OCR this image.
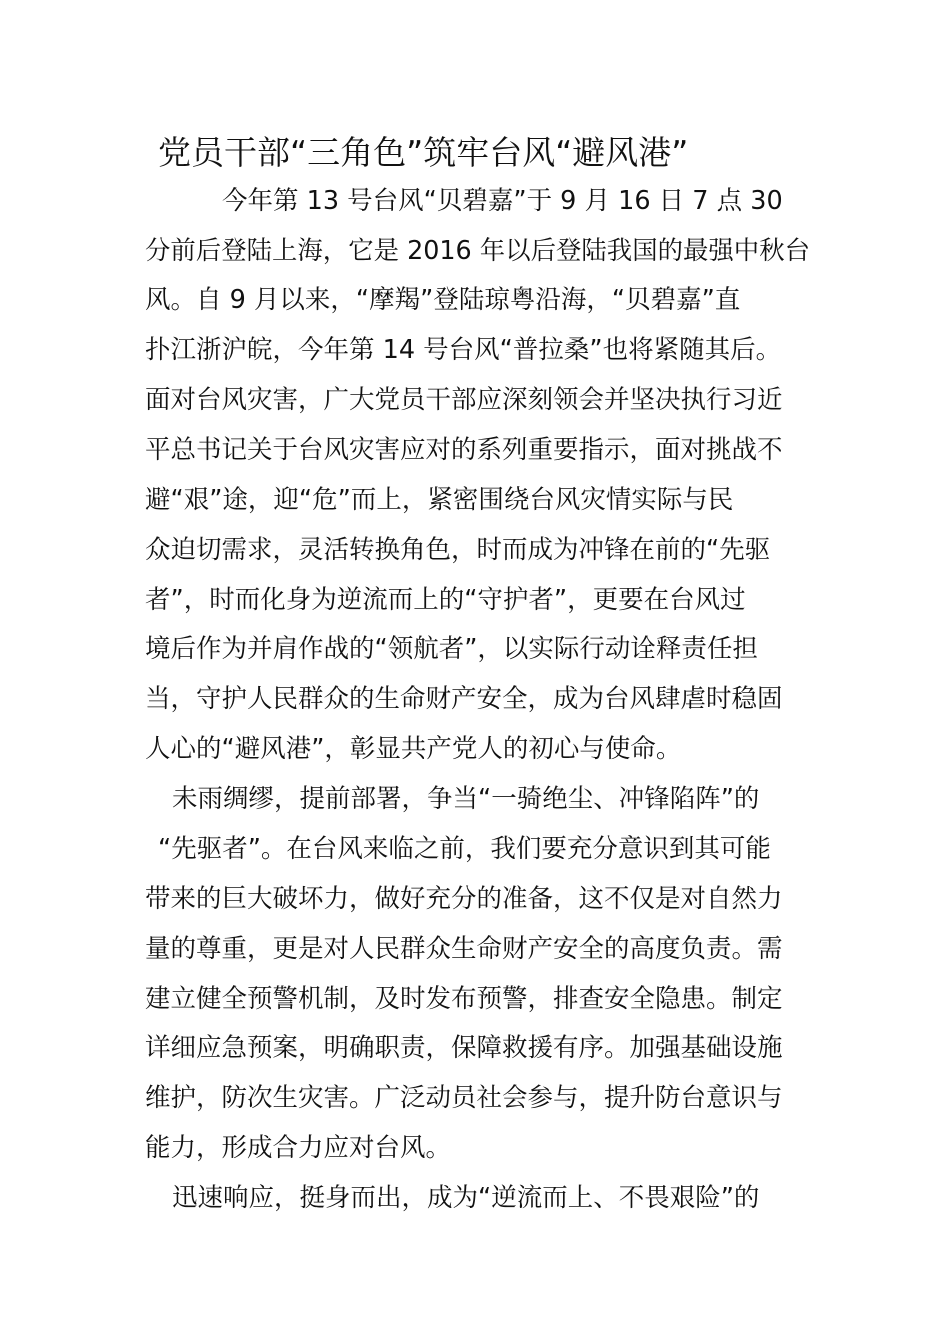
党员干部“三角色”筑牢台风“避风港”

今年第 13 号台风“贝碧嘉”于 9 月 16 日 7 点 30

分前后登陆上海，它是 2016 年以后登陆我国的最强中秋台

风。自 9 月以来，“摩羯”登陆琼粤沿海，“贝碧嘉”直

扑江浙沪皖，今年第 14 号台风“普拉桑”也将紧随其后。

面对台风灾害，广大党员干部应深刻领会并坚决执行习近

平总书记关于台风灾害应对的系列重要指示，面对挑战不

避“艰”途，迎“危”而上，紧密围绕台风灾情实际与民

众迫切需求，灵活转换角色，时而成为冲锋在前的“先驱

者”，时而化身为逆流而上的“守护者”，更要在台风过

境后作为并肩作战的“领航者”，以实际行动诠释责任担

当，守护人民群众的生命财产安全，成为台风肆虐时稳固

人心的“避风港”，彰显共产党人的初心与使命。

未雨绸缪，提前部署，争当“一骑绝尘、冲锋陷阵”的

“先驱者”。在台风来临之前，我们要充分意识到其可能

带来的巨大破坏力，做好充分的准备，这不仅是对自然力

量的尊重，更是对人民群众生命财产安全的高度负责。需

建立健全预警机制，及时发布预警，排查安全隐患。制定

详细应急预案，明确职责，保障救援有序。加强基础设施

维护，防次生灾害。广泛动员社会参与，提升防台意识与

能力，形成合力应对台风。

迅速响应，挺身而出，成为“逆流而上、不畏艰险”的
